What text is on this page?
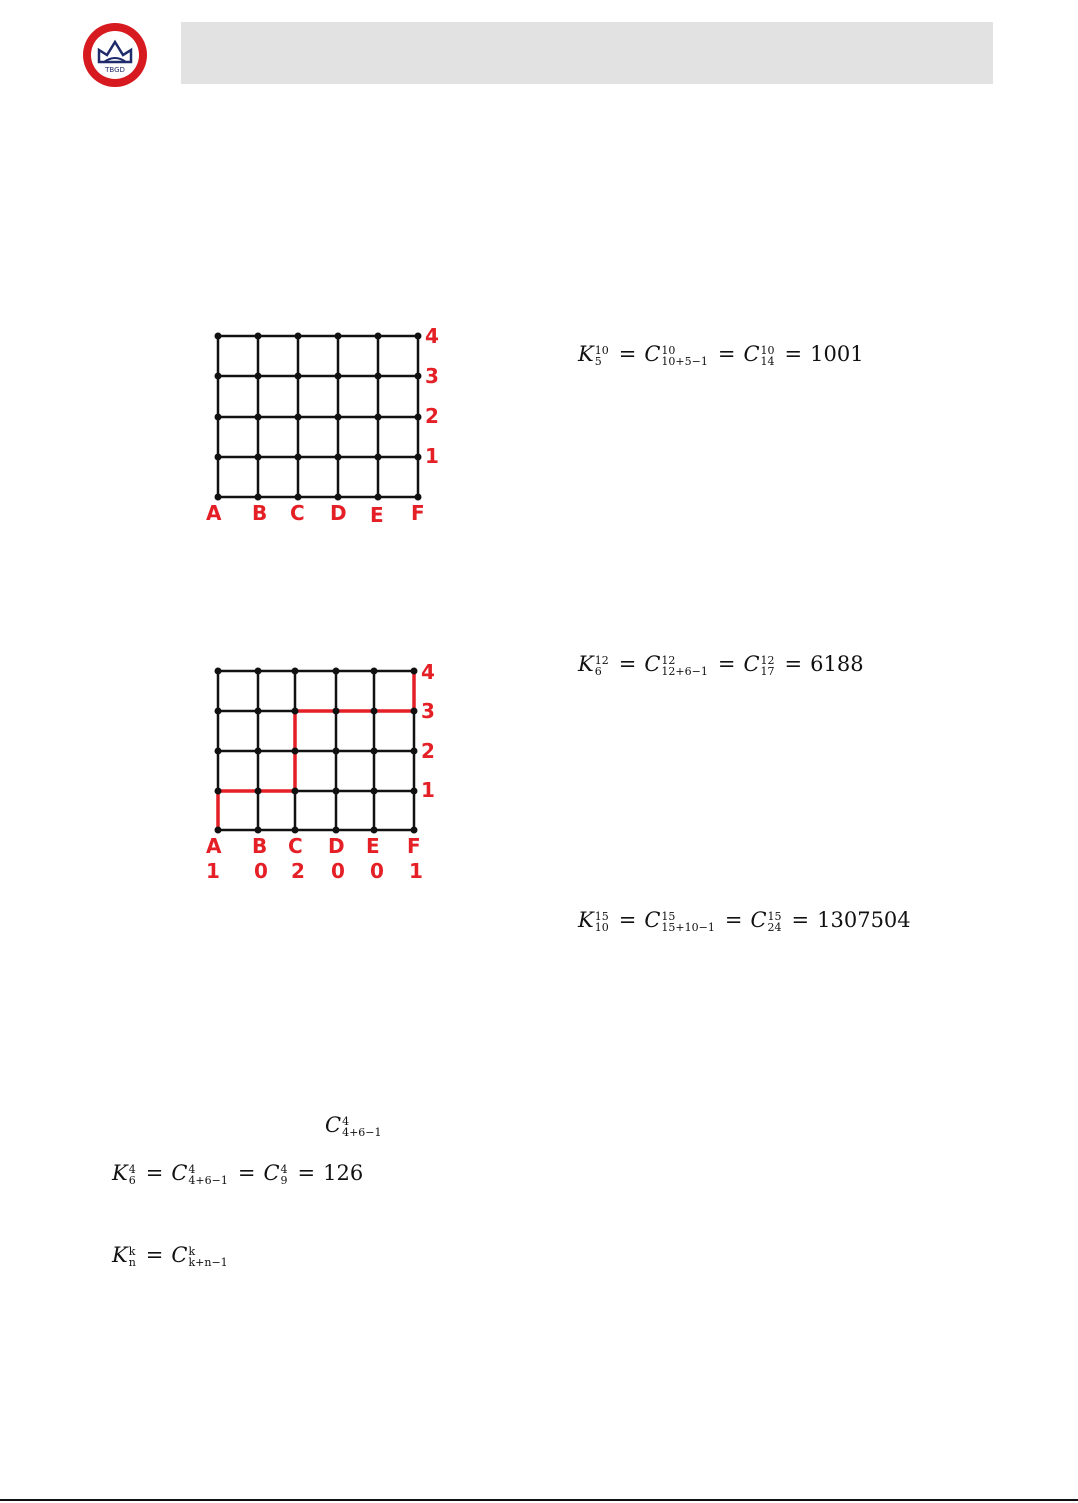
TBGD
A B C D E F
4
3
2
1
A B C D E F
1 0 2 0 0 1
4
3
2
1
K 10
5 = C 10
10+5−1 = C 10
14 = 1001
K 12
6 = C 12
12+6−1 = C 12
17 = 6188
K 15
10 = C 15
15+10−1 = C 15
24 = 1307504
C 4
4+6−1
K 4
6 = C 4
4+6−1 = C 4
9 = 126
K k
n = C k
k+n−1
